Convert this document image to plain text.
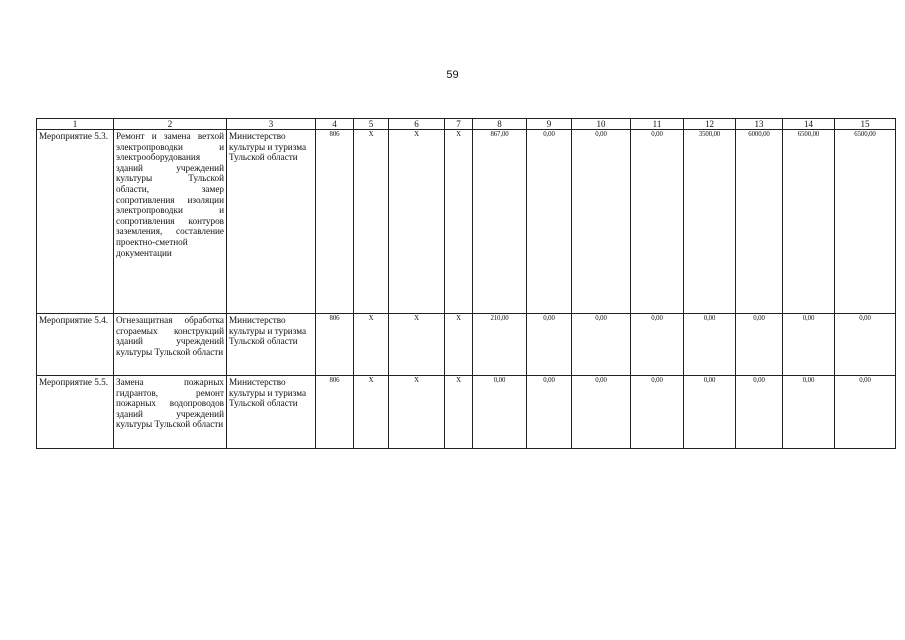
59
1	2	3	4	5	6	7	8	9	10	11	12	13	14	15
Мероприятие 5.3.	Ремонт и замена ветхой электропроводки и электрооборудования зданий учреждений культуры Тульской области, замер сопротивления изоляции электропроводки и сопротивления контуров заземления, составление проектно-сметной документации	Министерство культуры и туризма Тульской области	806	X	X	X	867,00	0,00	0,00	0,00	3500,00	6000,00	6500,00	6500,00
Мероприятие 5.4.	Огнезащитная обработка сгораемых конструкций зданий учреждений культуры Тульской области	Министерство культуры и туризма Тульской области	806	X	X	X	210,00	0,00	0,00	0,00	0,00	0,00	0,00	0,00
Мероприятие 5.5.	Замена пожарных гидрантов, ремонт пожарных водопроводов зданий учреждений культуры Тульской области	Министерство культуры и туризма Тульской области	806	X	X	X	0,00	0,00	0,00	0,00	0,00	0,00	0,00	0,00
